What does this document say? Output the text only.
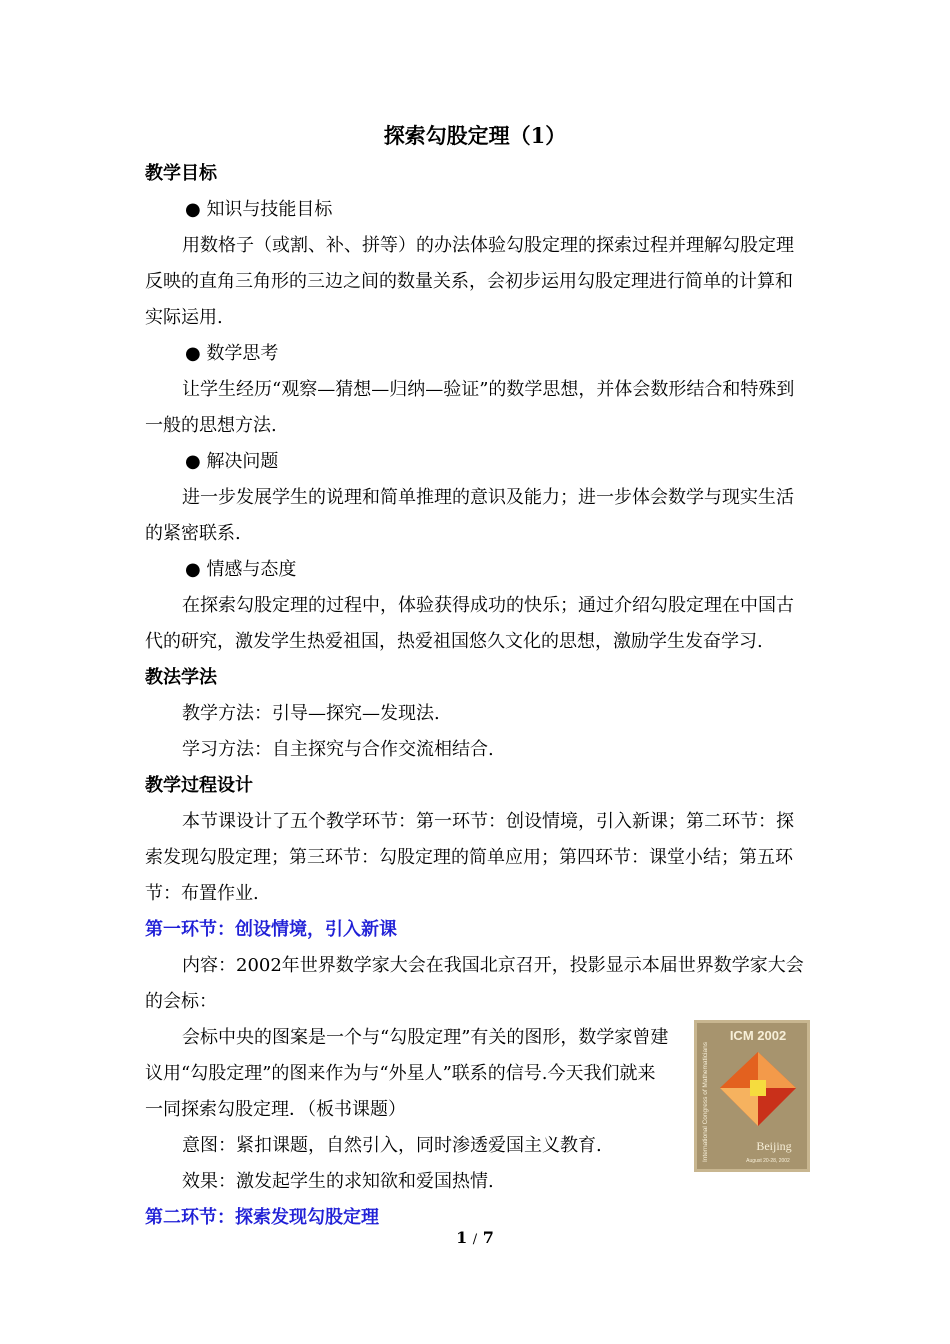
探索勾股定理（1）

教学目标

● 知识与技能目标

用数格子（或割、补、拼等）的办法体验勾股定理的探索过程并理解勾股定理反映的直角三角形的三边之间的数量关系，会初步运用勾股定理进行简单的计算和实际运用.

● 数学思考

让学生经历“观察—猜想—归纳—验证”的数学思想，并体会数形结合和特殊到一般的思想方法.

● 解决问题

进一步发展学生的说理和简单推理的意识及能力；进一步体会数学与现实生活的紧密联系.

● 情感与态度

在探索勾股定理的过程中，体验获得成功的快乐；通过介绍勾股定理在中国古代的研究，激发学生热爱祖国，热爱祖国悠久文化的思想，激励学生发奋学习.

教法学法

教学方法：引导—探究—发现法.

学习方法：自主探究与合作交流相结合.

教学过程设计

本节课设计了五个教学环节：第一环节：创设情境，引入新课；第二环节：探索发现勾股定理；第三环节：勾股定理的简单应用；第四环节：课堂小结；第五环节：布置作业.

第一环节：创设情境，引入新课

内容：2002年世界数学家大会在我国北京召开，投影显示本届世界数学家大会的会标：

ICM 2002
International Congress of Mathematicians	Beijing
August 20-28, 2002

会标中央的图案是一个与“勾股定理”有关的图形，数学家曾建议用“勾股定理”的图来作为与“外星人”联系的信号.今天我们就来一同探索勾股定理．（板书课题）

意图：紧扣课题，自然引入，同时渗透爱国主义教育.

效果：激发起学生的求知欲和爱国热情.

第二环节：探索发现勾股定理

1 / 7
